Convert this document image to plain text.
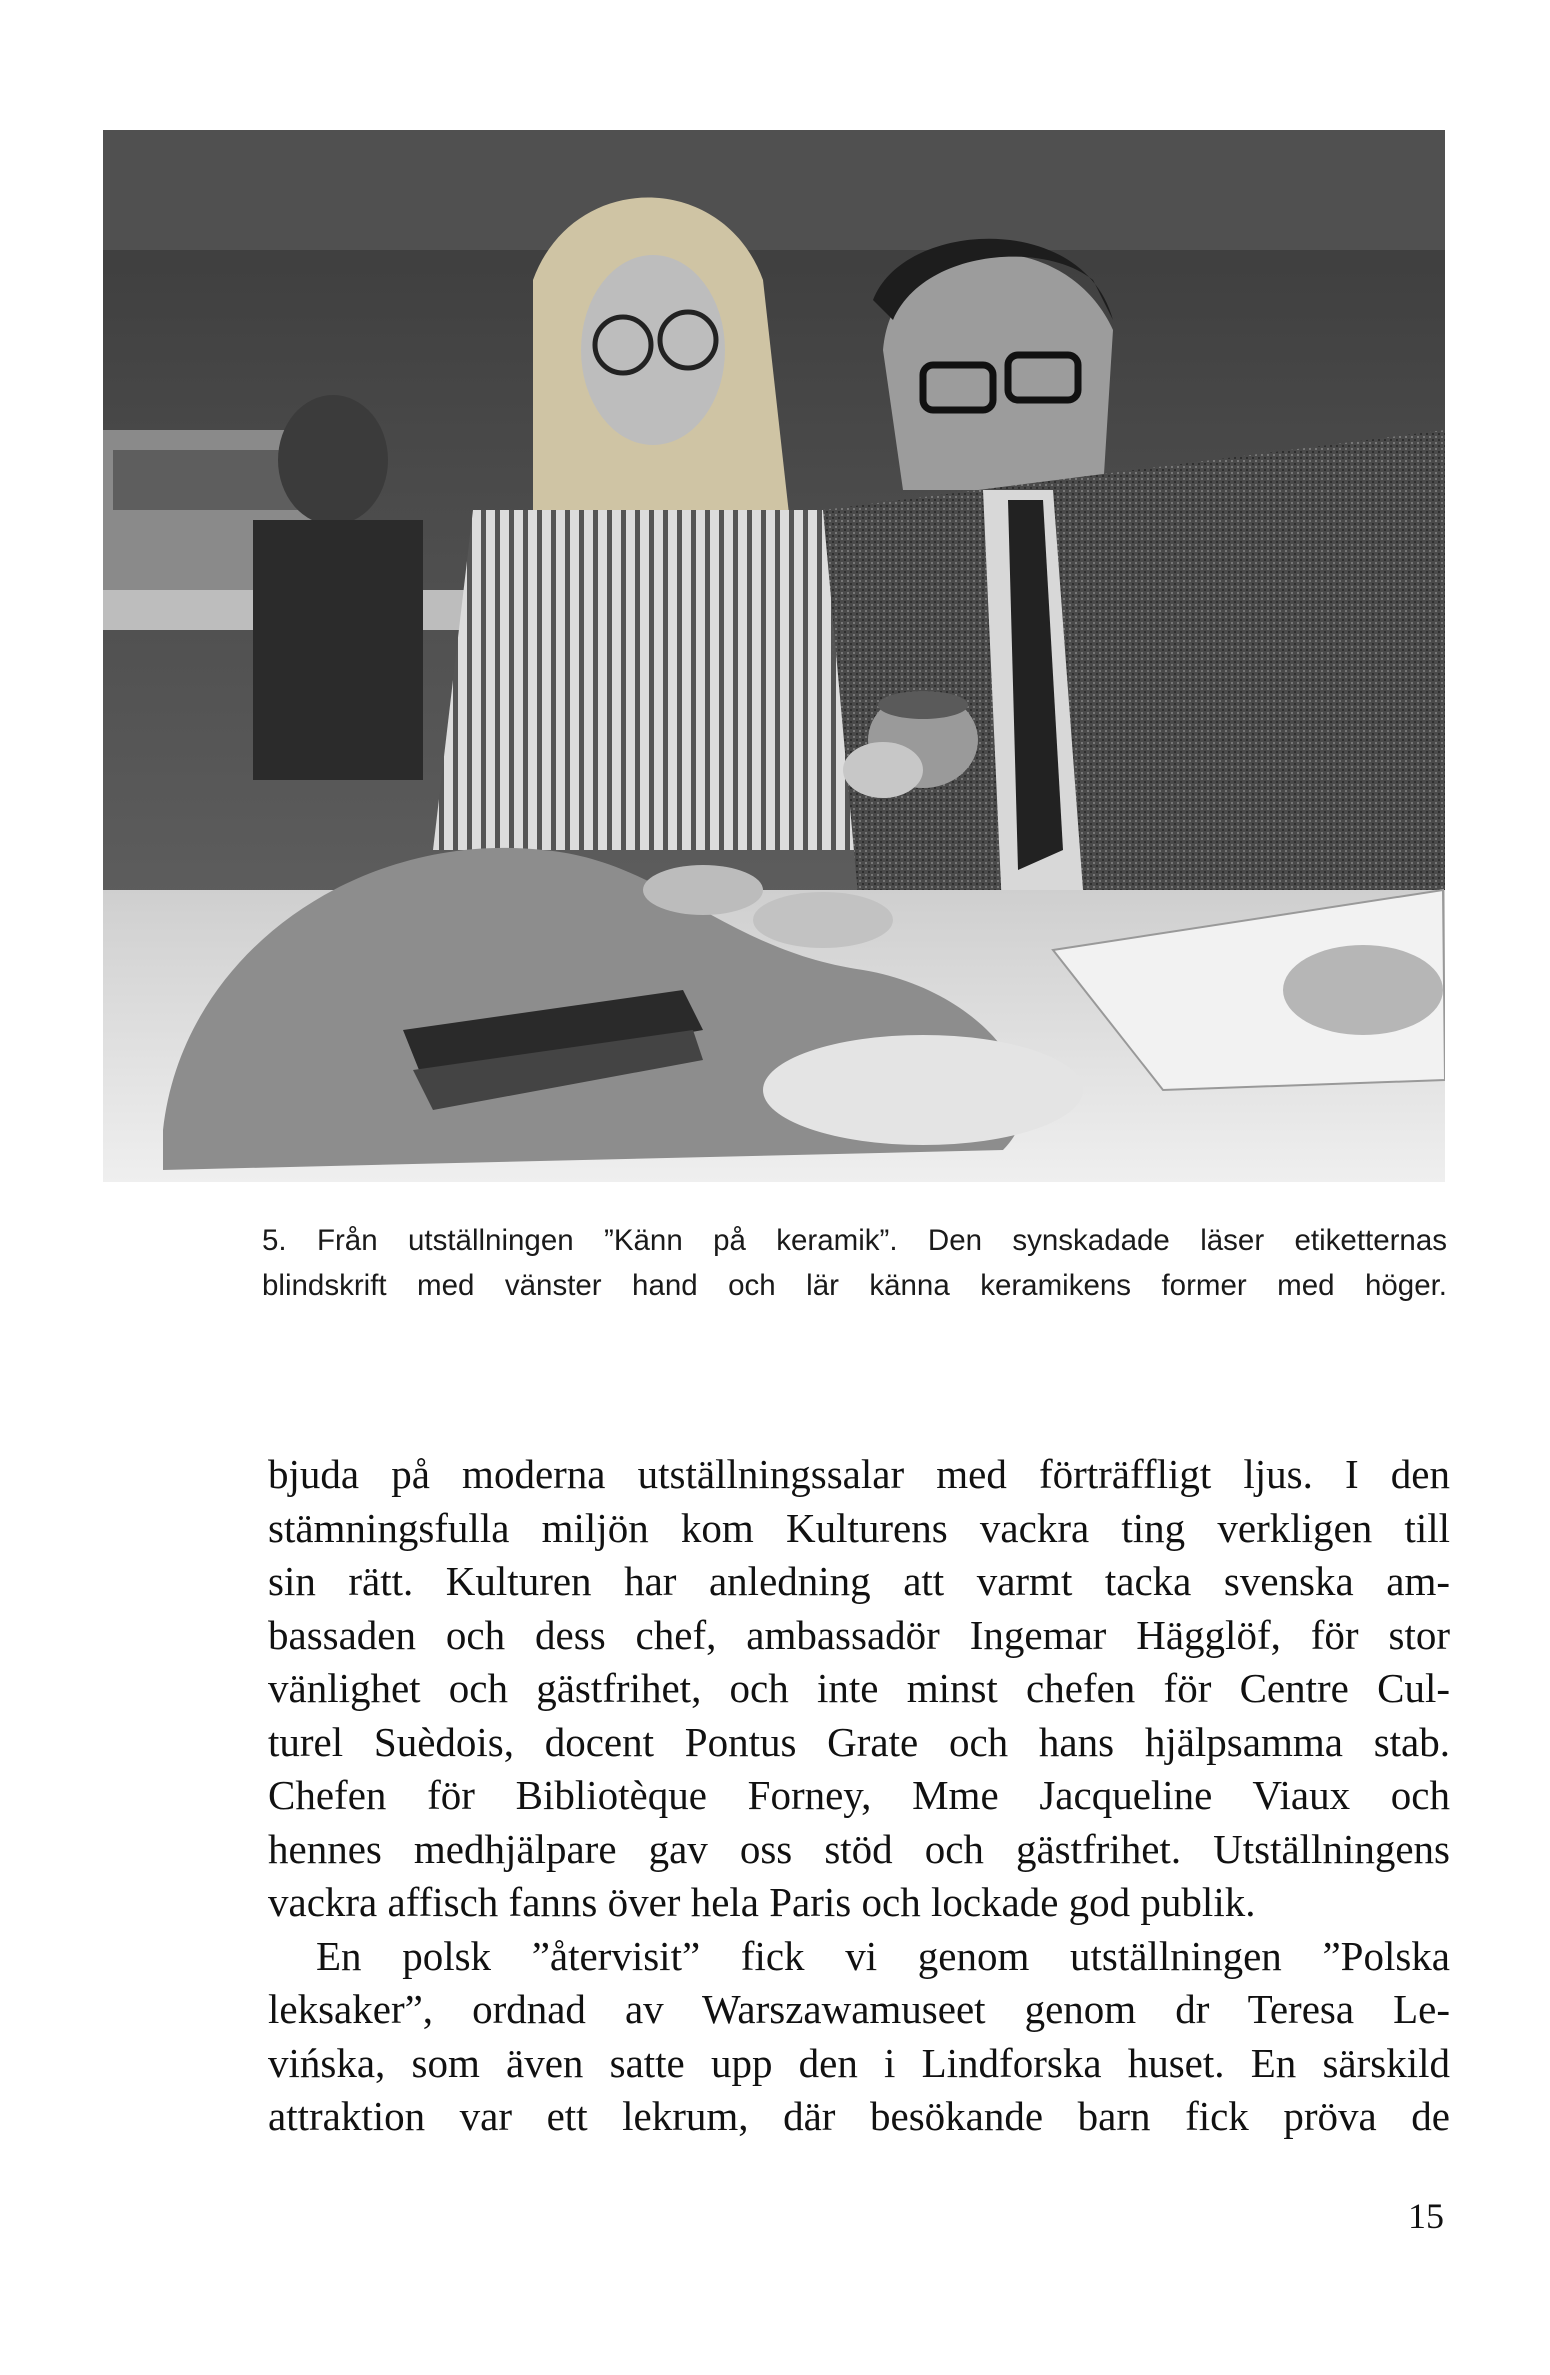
5. Från utställningen ”Känn på keramik”. Den synskadade läser etiketternas
blindskrift med vänster hand och lär känna keramikens former med höger.
bjuda på moderna utställningssalar med förträffligt ljus. I den
stämningsfulla miljön kom Kulturens vackra ting verkligen till
sin rätt. Kulturen har anledning att varmt tacka svenska am-
bassaden och dess chef, ambassadör Ingemar Hägglöf, för stor
vänlighet och gästfrihet, och inte minst chefen för Centre Cul-
turel Suèdois, docent Pontus Grate och hans hjälpsamma stab.
Chefen för Bibliotèque Forney, Mme Jacqueline Viaux och
hennes medhjälpare gav oss stöd och gästfrihet. Utställningens
vackra affisch fanns över hela Paris och lockade god publik.
En polsk ”återvisit” fick vi genom utställningen ”Polska
leksaker”, ordnad av Warszawamuseet genom dr Teresa Le-
vińska, som även satte upp den i Lindforska huset. En särskild
attraktion var ett lekrum, där besökande barn fick pröva de
15
